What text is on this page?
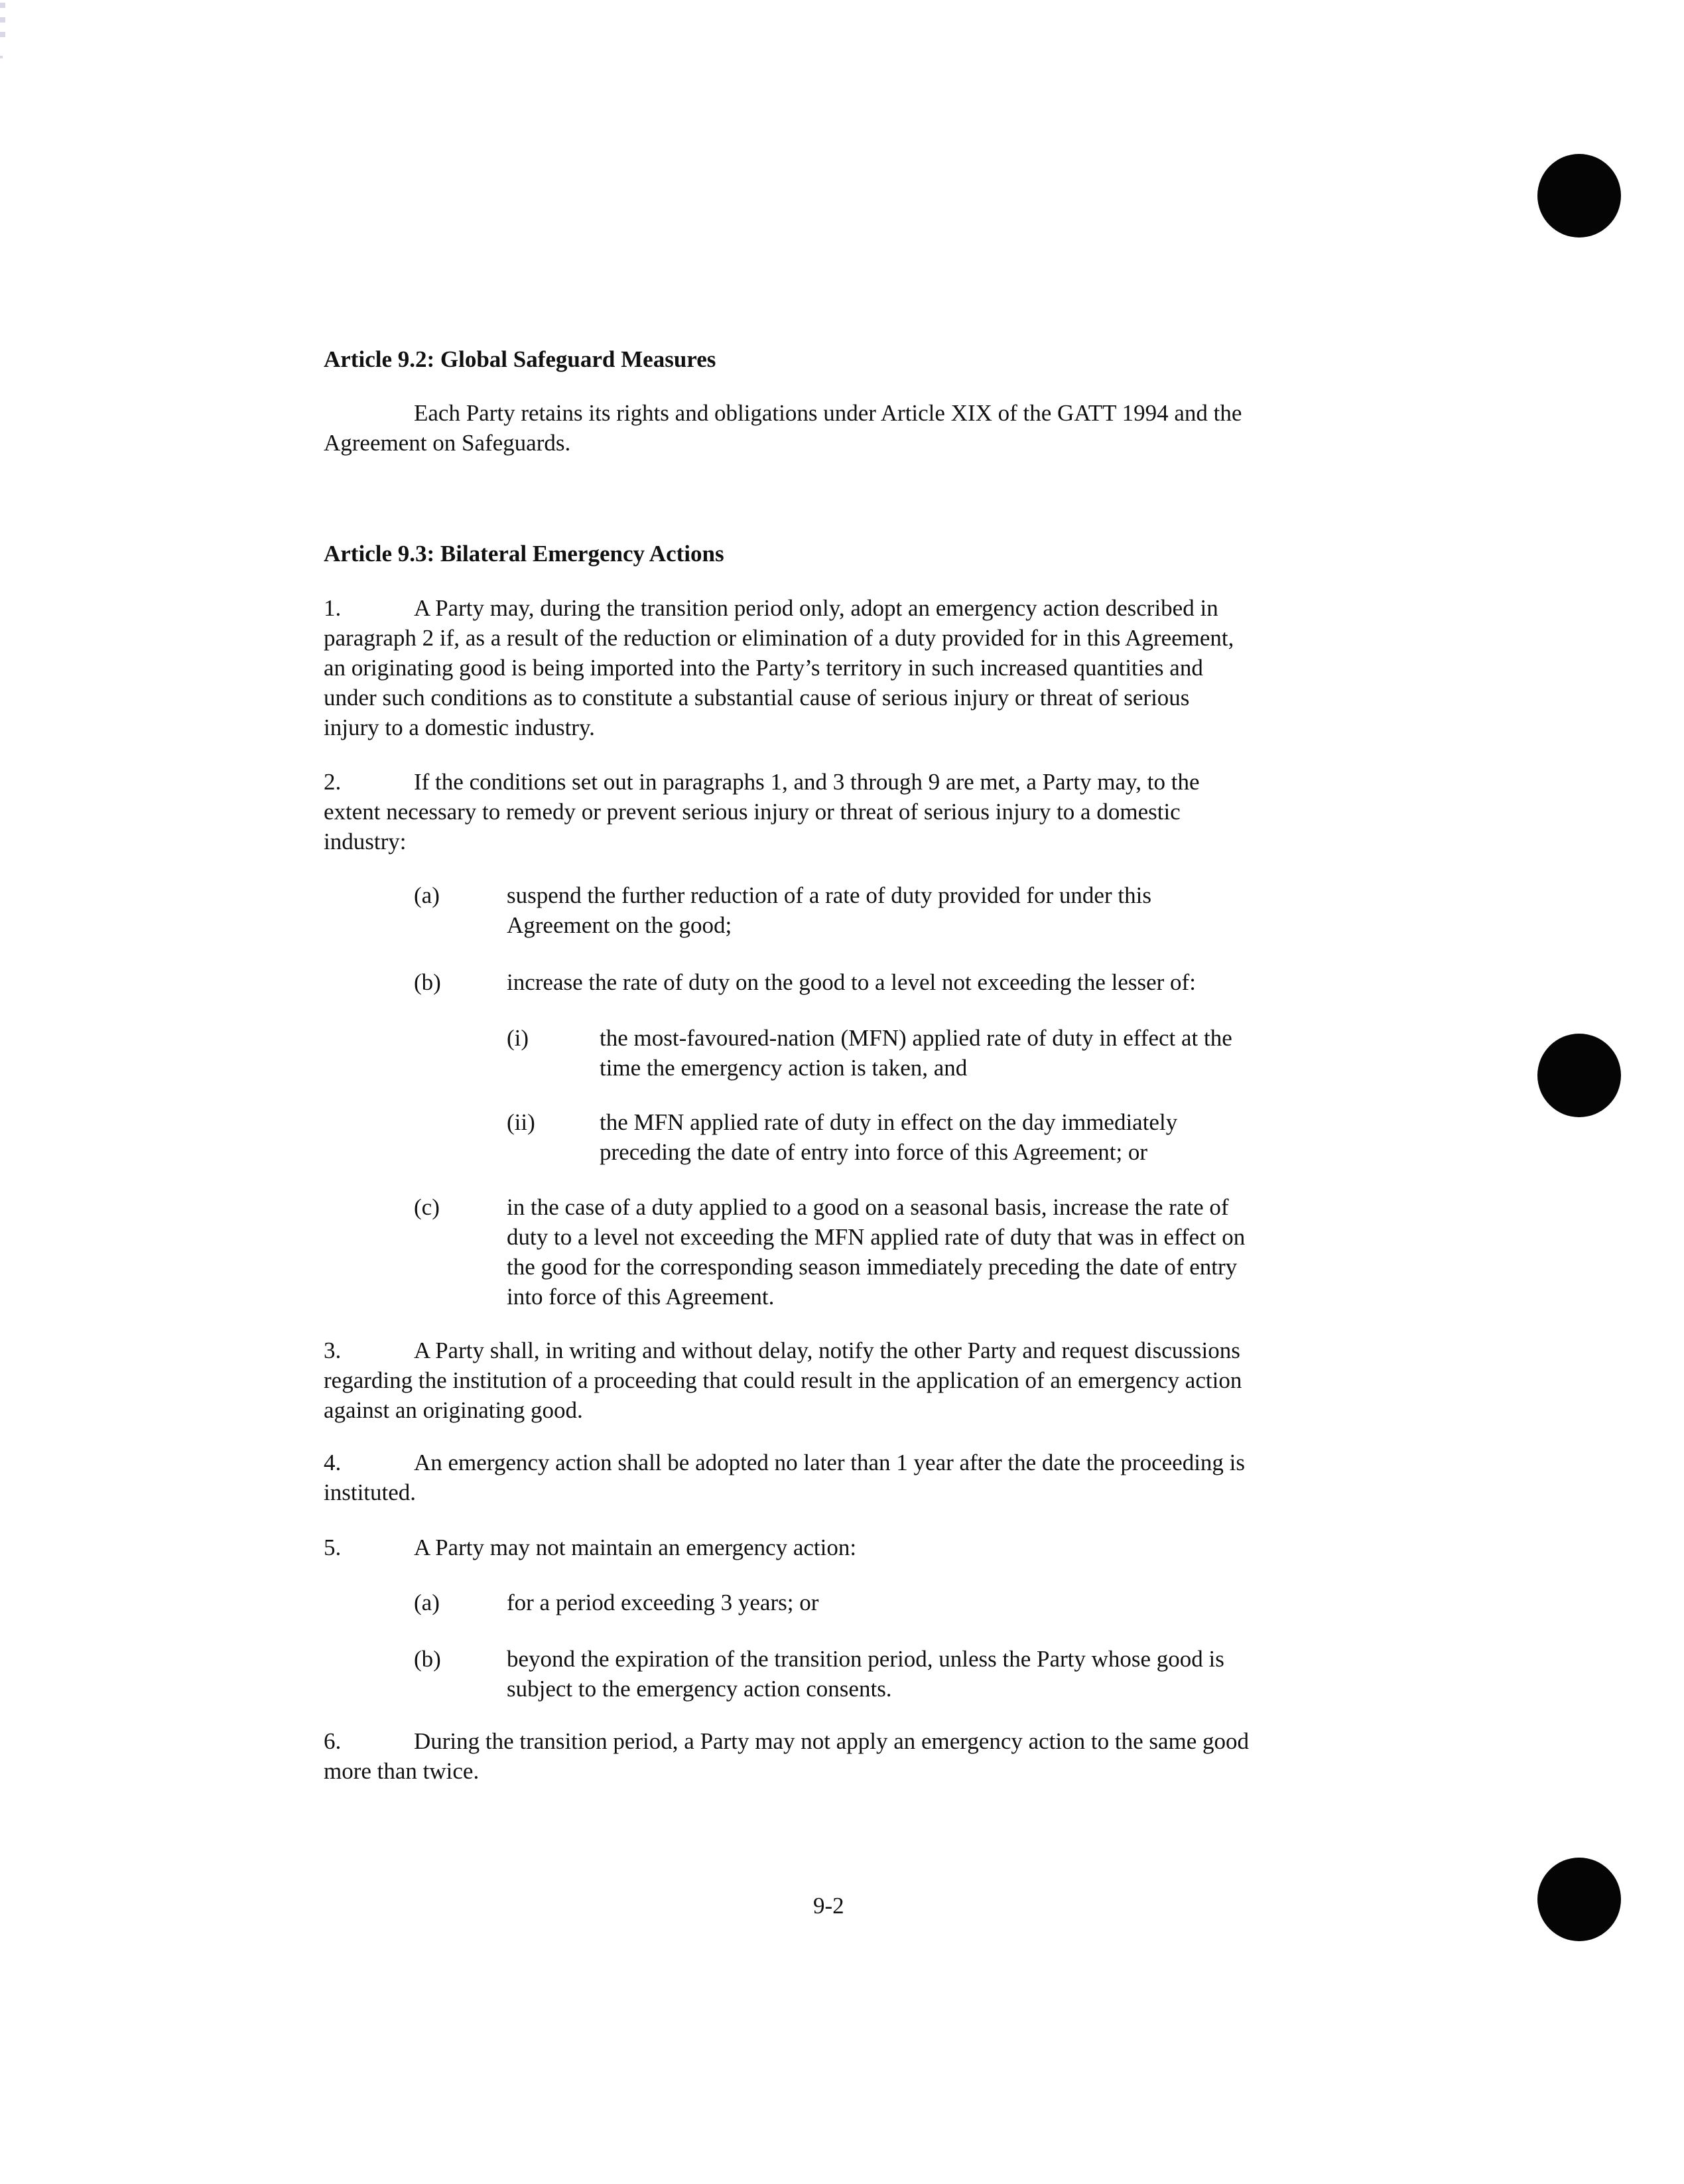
Article 9.2: Global Safeguard Measures
Each Party retains its rights and obligations under Article XIX of the GATT 1994 and the
Agreement on Safeguards.
Article 9.3: Bilateral Emergency Actions
1.	A Party may, during the transition period only, adopt an emergency action described in
paragraph 2 if, as a result of the reduction or elimination of a duty provided for in this Agreement,
an originating good is being imported into the Party’s territory in such increased quantities and
under such conditions as to constitute a substantial cause of serious injury or threat of serious
injury to a domestic industry.
2.	If the conditions set out in paragraphs 1, and 3 through 9 are met, a Party may, to the
extent necessary to remedy or prevent serious injury or threat of serious injury to a domestic
industry:
(a)	suspend the further reduction of a rate of duty provided for under this
Agreement on the good;
(b)	increase the rate of duty on the good to a level not exceeding the lesser of:
(i)	the most-favoured-nation (MFN) applied rate of duty in effect at the
time the emergency action is taken, and
(ii)	the MFN applied rate of duty in effect on the day immediately
preceding the date of entry into force of this Agreement; or
(c)	in the case of a duty applied to a good on a seasonal basis, increase the rate of
duty to a level not exceeding the MFN applied rate of duty that was in effect on
the good for the corresponding season immediately preceding the date of entry
into force of this Agreement.
3.	A Party shall, in writing and without delay, notify the other Party and request discussions
regarding the institution of a proceeding that could result in the application of an emergency action
against an originating good.
4.	An emergency action shall be adopted no later than 1 year after the date the proceeding is
instituted.
5.	A Party may not maintain an emergency action:
(a)	for a period exceeding 3 years; or
(b)	beyond the expiration of the transition period, unless the Party whose good is
subject to the emergency action consents.
6.	During the transition period, a Party may not apply an emergency action to the same good
more than twice.
9-2
